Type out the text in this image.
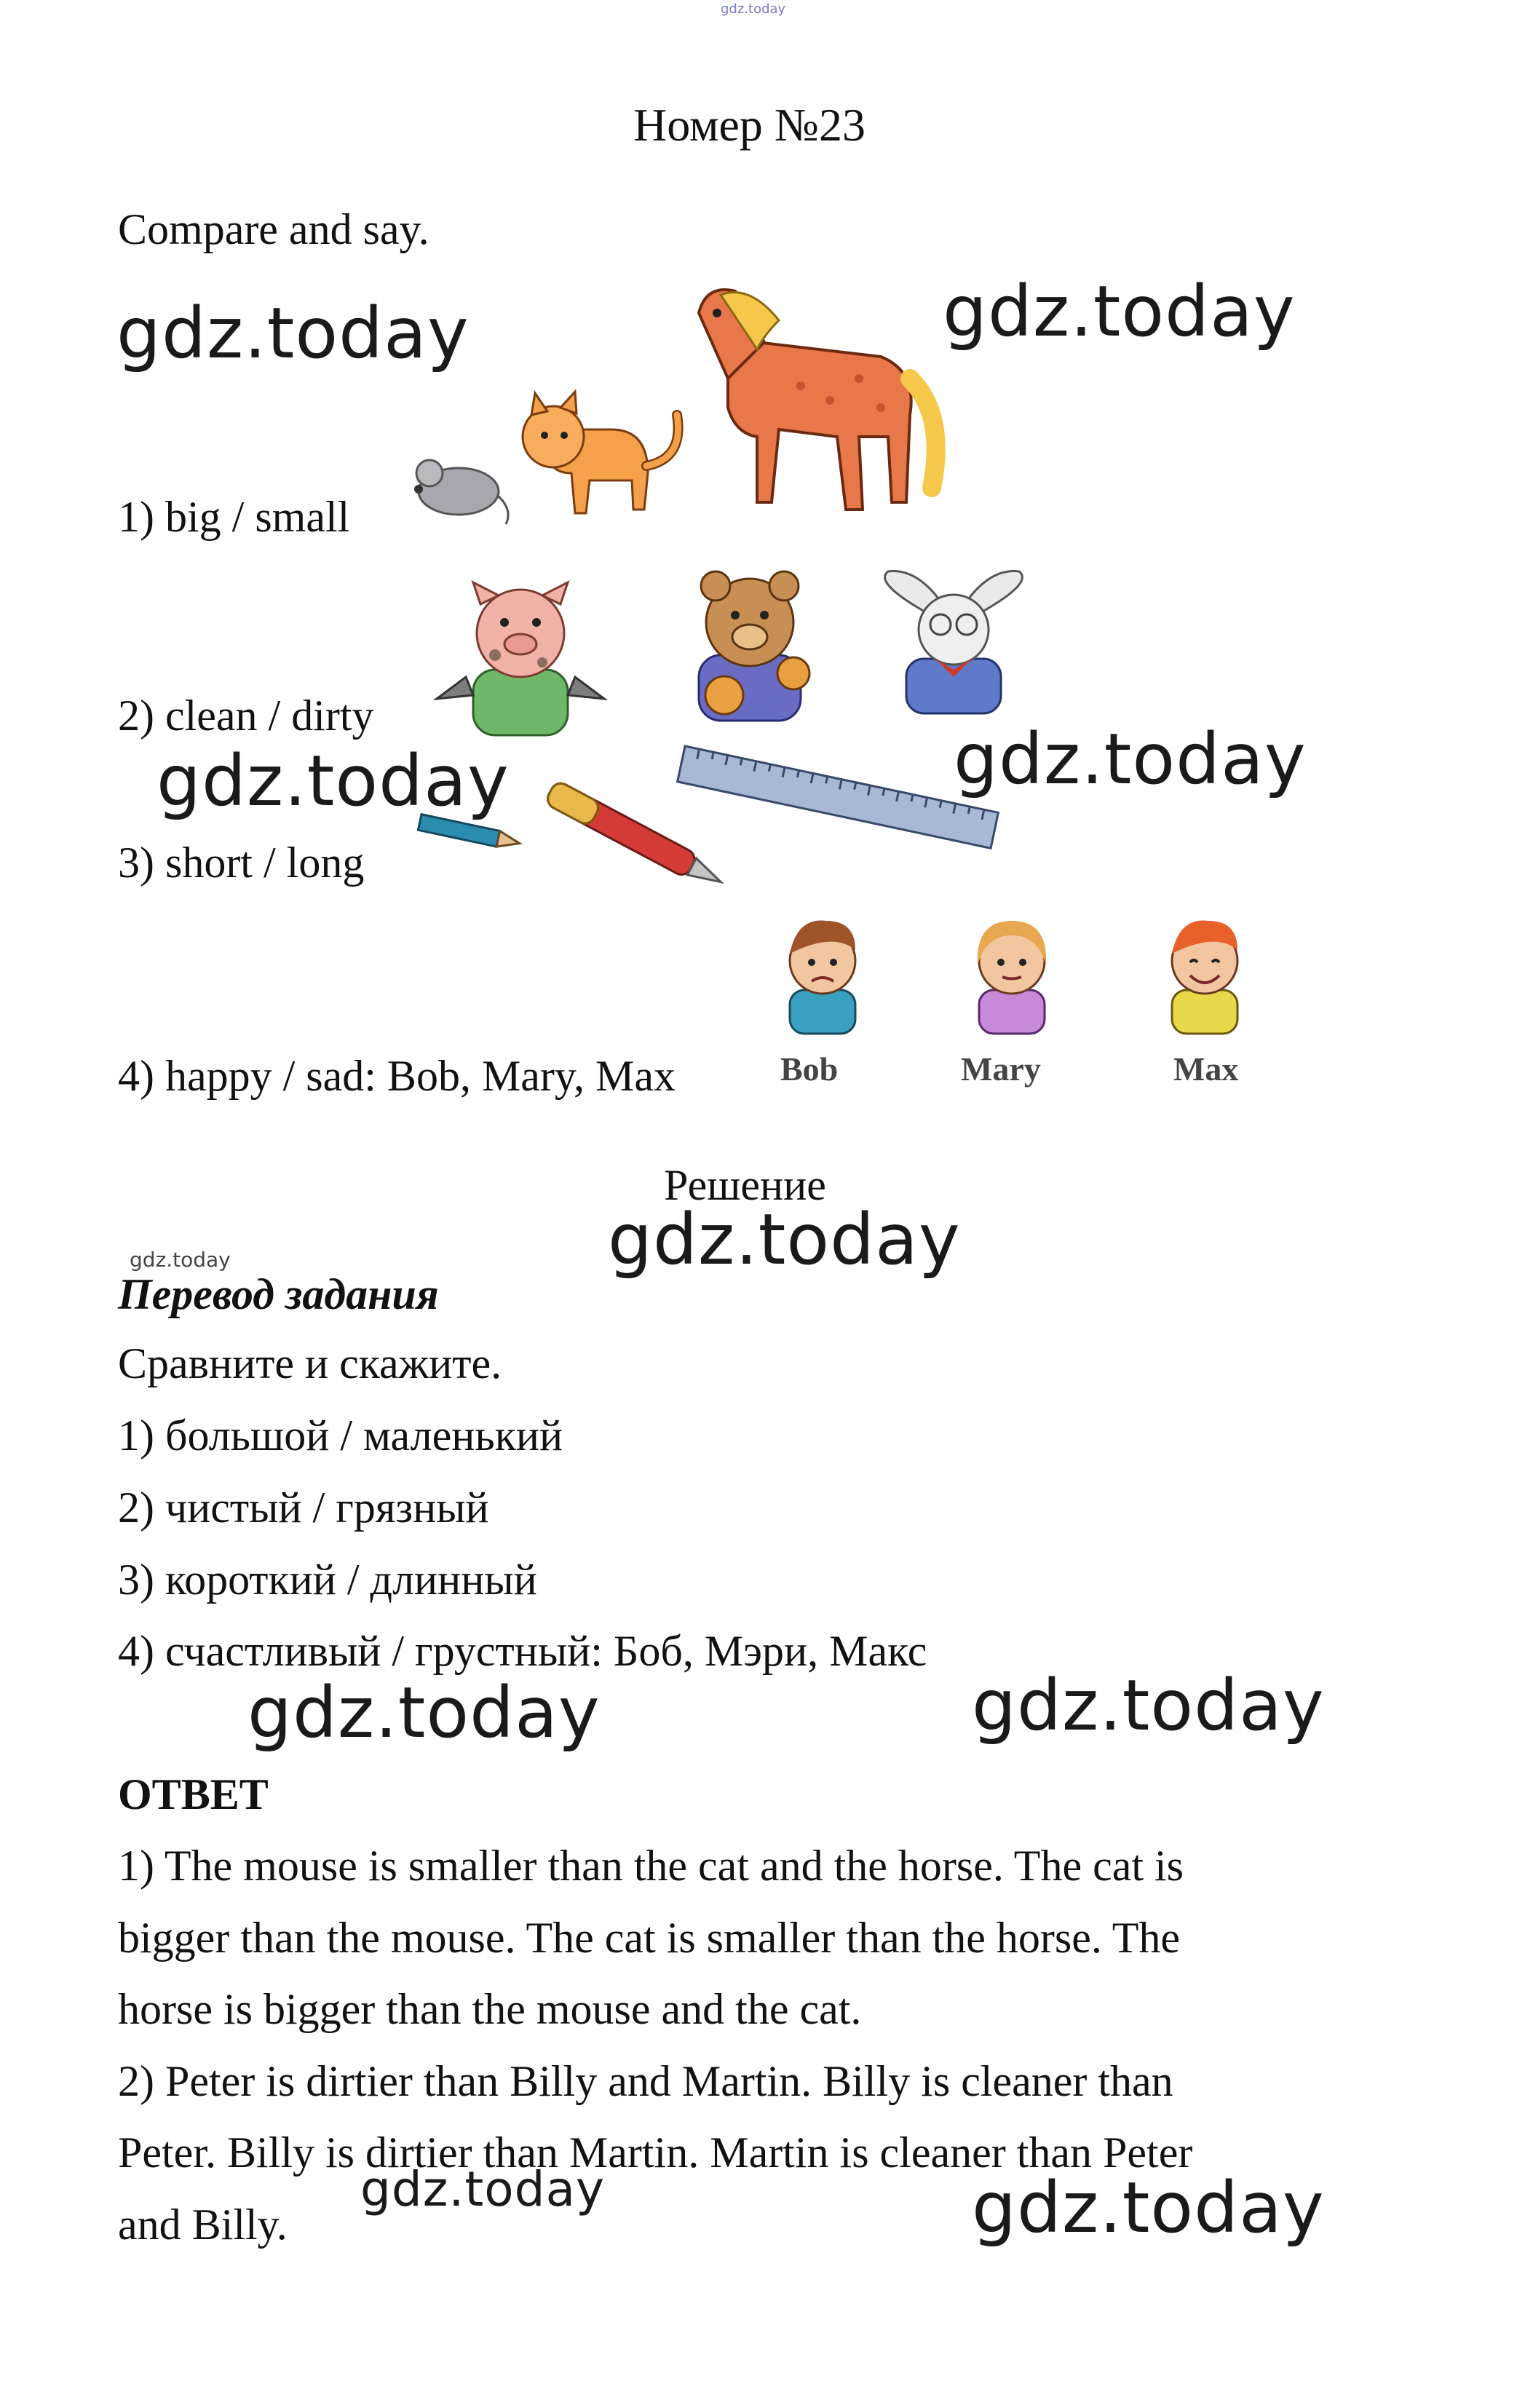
gdz.today
Номер №23
Compare and say.
1) big / small
2) clean / dirty
3) short / long
4) happy / sad: Bob, Mary, Max	Bob	Mary	Max
Решение
Перевод задания
Сравните и скажите.
1) большой / маленький
2) чистый / грязный
3) короткий / длинный
4) счастливый / грустный: Боб, Мэри, Макс
ОТВЕТ
1) The mouse is smaller than the cat and the horse. The cat is
bigger than the mouse. The cat is smaller than the horse. The
horse is bigger than the mouse and the cat.
2) Peter is dirtier than Billy and Martin. Billy is cleaner than
Peter. Billy is dirtier than Martin. Martin is cleaner than Peter
and Billy.
gdz.today	gdz.today
gdz.today	gdz.today
gdz.today
gdz.today	gdz.today
gdz.today
gdz.today
gdz.today
